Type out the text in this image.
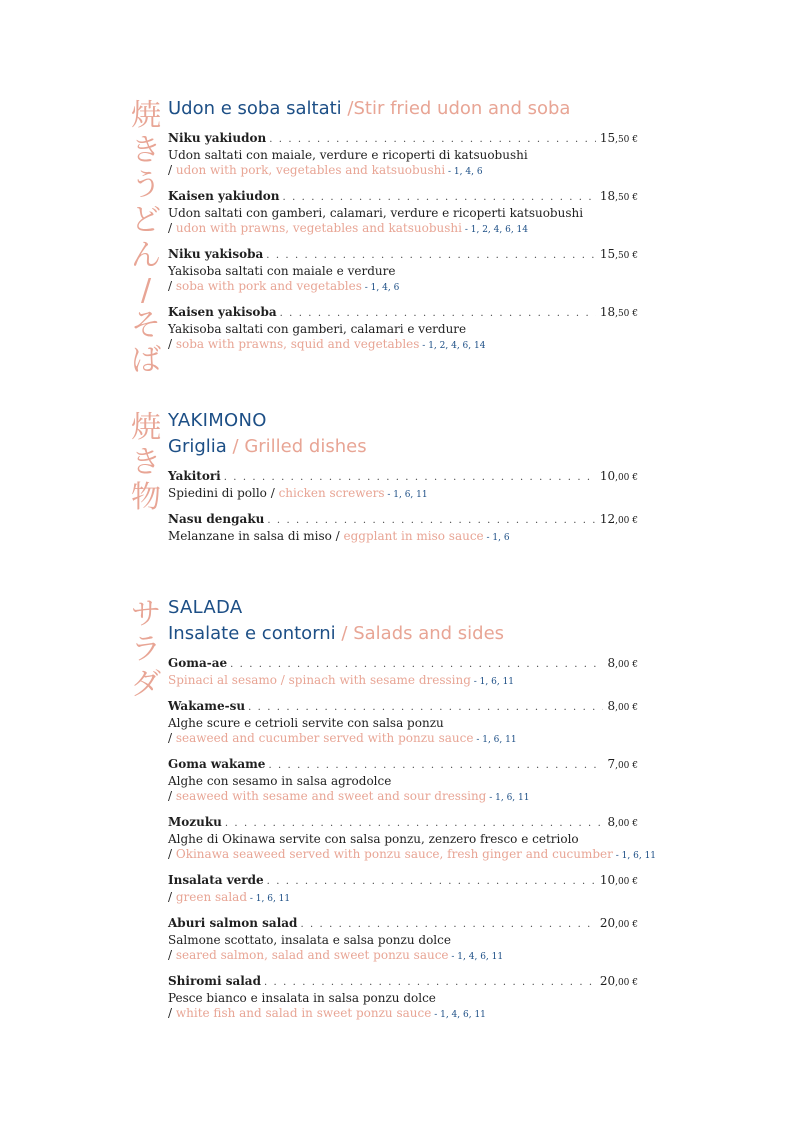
焼
き
う
ど
ん
/
そ
ば
Udon e soba saltati /Stir fried udon and soba
Niku yakiudon . . .	15,50 €
Udon saltati con maiale, verdure e ricoperti di katsuobushi
/ udon with pork, vegetables and katsuobushi - 1, 4, 6
Kaisen yakiudon . . .	18,50 €
Udon saltati con gamberi, calamari, verdure e ricoperti katsuobushi
/ udon with prawns, vegetables and katsuobushi - 1, 2, 4, 6, 14
Niku yakisoba . . .	15,50 €
Yakisoba saltati con maiale e verdure
/ soba with pork and vegetables - 1, 4, 6
Kaisen yakisoba . . .	18,50 €
Yakisoba saltati con gamberi, calamari e verdure
/ soba with prawns, squid and vegetables - 1, 2, 4, 6, 14
焼
き
物
YAKIMONO
Griglia / Grilled dishes
Yakitori . . .	10,00 €
Spiedini di pollo / chicken screwers - 1, 6, 11
Nasu dengaku . . .	12,00 €
Melanzane in salsa di miso / eggplant in miso sauce - 1, 6
サ
ラ
ダ
SALADA
Insalate e contorni / Salads and sides
Goma-ae . . .	8,00 €
Spinaci al sesamo / spinach with sesame dressing - 1, 6, 11
Wakame-su . . .	8,00 €
Alghe scure e cetrioli servite con salsa ponzu
/ seaweed and cucumber served with ponzu sauce - 1, 6, 11
Goma wakame . . .	7,00 €
Alghe con sesamo in salsa agrodolce
/ seaweed with sesame and sweet and sour dressing - 1, 6, 11
Mozuku . . .	8,00 €
Alghe di Okinawa servite con salsa ponzu, zenzero fresco e cetriolo
/ Okinawa seaweed served with ponzu sauce, fresh ginger and cucumber - 1, 6, 11
Insalata verde . . .	10,00 €
/ green salad - 1, 6, 11
Aburi salmon salad . . .	20,00 €
Salmone scottato, insalata e salsa ponzu dolce
/ seared salmon, salad and sweet ponzu sauce - 1, 4, 6, 11
Shiromi salad . . .	20,00 €
Pesce bianco e insalata in salsa ponzu dolce
/ white fish and salad in sweet ponzu sauce - 1, 4, 6, 11
